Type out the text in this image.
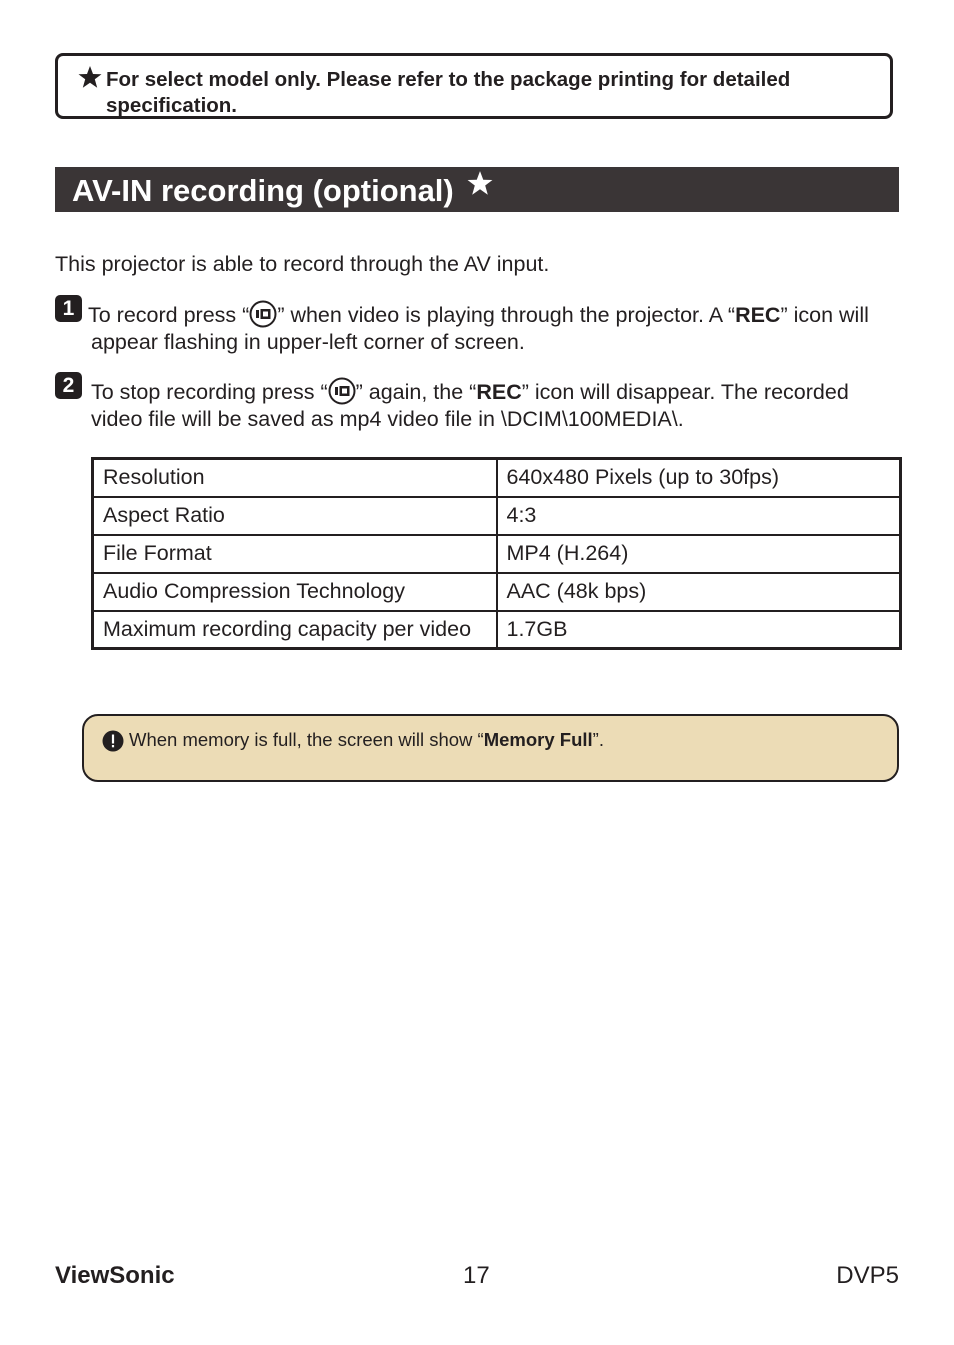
For select model only. Please refer to the package printing for detailed specification.
AV-IN recording (optional)
This projector is able to record through the AV input.
1 To record press “ ” when video is playing through the projector. A “REC” icon will appear flashing in upper-left corner of screen.
2 To stop recording press “ ” again, the “REC” icon will disappear. The recorded video file will be saved as mp4 video file in \DCIM\100MEDIA\.
Resolution	640x480 Pixels (up to 30fps)
Aspect Ratio	4:3
File Format	MP4 (H.264)
Audio Compression Technology	AAC (48k bps)
Maximum recording capacity per video	1.7GB
When memory is full, the screen will show “Memory Full”.
ViewSonic	17	DVP5
